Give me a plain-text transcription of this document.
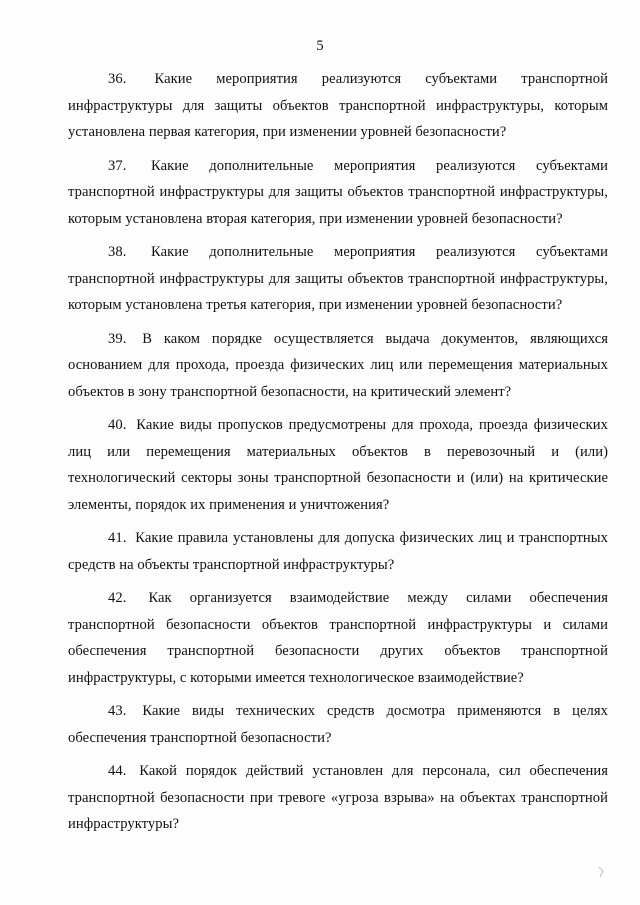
5

36. Какие мероприятия реализуются субъектами транспортной инфраструктуры для защиты объектов транспортной инфраструктуры, которым установлена первая категория, при изменении уровней безопасности?

37. Какие дополнительные мероприятия реализуются субъектами транспортной инфраструктуры для защиты объектов транспортной инфраструктуры, которым установлена вторая категория, при изменении уровней безопасности?

38. Какие дополнительные мероприятия реализуются субъектами транспортной инфраструктуры для защиты объектов транспортной инфраструктуры, которым установлена третья категория, при изменении уровней безопасности?

39. В каком порядке осуществляется выдача документов, являющихся основанием для прохода, проезда физических лиц или перемещения материальных объектов в зону транспортной безопасности, на критический элемент?

40. Какие виды пропусков предусмотрены для прохода, проезда физических лиц или перемещения материальных объектов в перевозочный и (или) технологический секторы зоны транспортной безопасности и (или) на критические элементы, порядок их применения и уничтожения?

41. Какие правила установлены для допуска физических лиц и транспортных средств на объекты транспортной инфраструктуры?

42. Как организуется взаимодействие между силами обеспечения транспортной безопасности объектов транспортной инфраструктуры и силами обеспечения транспортной безопасности других объектов транспортной инфраструктуры, с которыми имеется технологическое взаимодействие?

43. Какие виды технических средств досмотра применяются в целях обеспечения транспортной безопасности?

44. Какой порядок действий установлен для персонала, сил обеспечения транспортной безопасности при тревоге «угроза взрыва» на объектах транспортной инфраструктуры?
